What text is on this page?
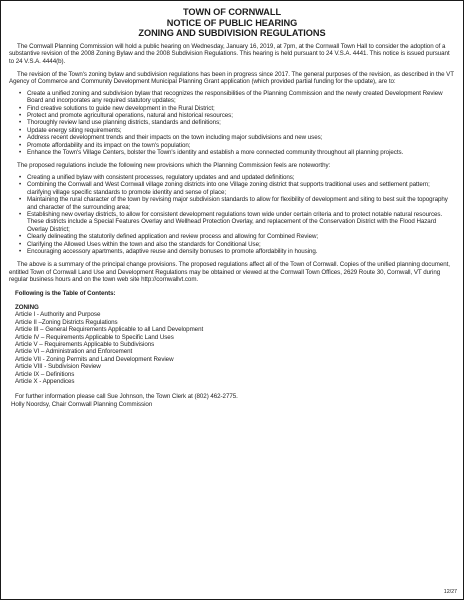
TOWN OF CORNWALL
NOTICE OF PUBLIC HEARING
ZONING AND SUBDIVISION REGULATIONS

The Cornwall Planning Commission will hold a public hearing on Wednesday, January 16, 2019, at 7pm, at the Cornwall Town Hall to consider the adoption of a substantive revision of the 2008 Zoning Bylaw and the 2008 Subdivision Regulations. This hearing is held pursuant to 24 V.S.A. 4441. This notice is issued pursuant to 24 V.S.A. 4444(b).

The revision of the Town's zoning bylaw and subdivision regulations has been in progress since 2017. The general purposes of the revision, as described in the VT Agency of Commerce and Community Development Municipal Planning Grant application (which provided partial funding for the update), are to:

• Create a unified zoning and subdivision bylaw that recognizes the responsibilities of the Planning Commission and the newly created Development Review Board and incorporates any required statutory updates;
• Find creative solutions to guide new development in the Rural District;
• Protect and promote agricultural operations, natural and historical resources;
• Thoroughly review land use planning districts, standards and definitions;
• Update energy siting requirements;
• Address recent development trends and their impacts on the town including major subdivisions and new uses;
• Promote affordability and its impact on the town's population;
• Enhance the Town's Village Centers, bolster the Town's identity and establish a more connected community throughout all planning projects.

The proposed regulations include the following new provisions which the Planning Commission feels are noteworthy:

• Creating a unified bylaw with consistent processes, regulatory updates and and updated definitions;
• Combining the Cornwall and West Cornwall village zoning districts into one Village zoning district that supports traditional uses and settlement pattern; clarifying village specific standards to promote identity and sense of place;
• Maintaining the rural character of the town by revising major subdivision standards to allow for flexibility of development and siting to best suit the topography and character of the surrounding area;
• Establishing new overlay districts, to allow for consistent development regulations town wide under certain criteria and to protect notable natural resources. These districts include a Special Features Overlay and Wellhead Protection Overlay, and replacement of the Conservation District with the Flood Hazard Overlay District;
• Clearly delineating the statutorily defined application and review process and allowing for Combined Review;
• Clarifying the Allowed Uses within the town and also the standards for Conditional Use;
• Encouraging accessory apartments, adaptive reuse and density bonuses to promote affordability in housing.

The above is a summary of the principal change provisions. The proposed regulations affect all of the Town of Cornwall. Copies of the unified planning document, entitled Town of Cornwall Land Use and Development Regulations may be obtained or viewed at the Cornwall Town Offices, 2629 Route 30, Cornwall, VT during regular business hours and on the town web site http://cornwallvt.com.

Following is the Table of Contents:
ZONING
Article I - Authority and Purpose
Article II –Zoning Districts Regulations
Article III – General Requirements Applicable to all Land Development
Article IV – Requirements Applicable to Specific Land Uses
Article V – Requirements Applicable to Subdivisions
Article VI – Administration and Enforcement
Article VII - Zoning Permits and Land Development Review
Article VIII - Subdivision Review
Article IX – Definitions
Article X - Appendices
For further information please call Sue Johnson, the Town Clerk at (802) 462-2775.
Holly Noordsy, Chair Cornwall Planning Commission
12/27
